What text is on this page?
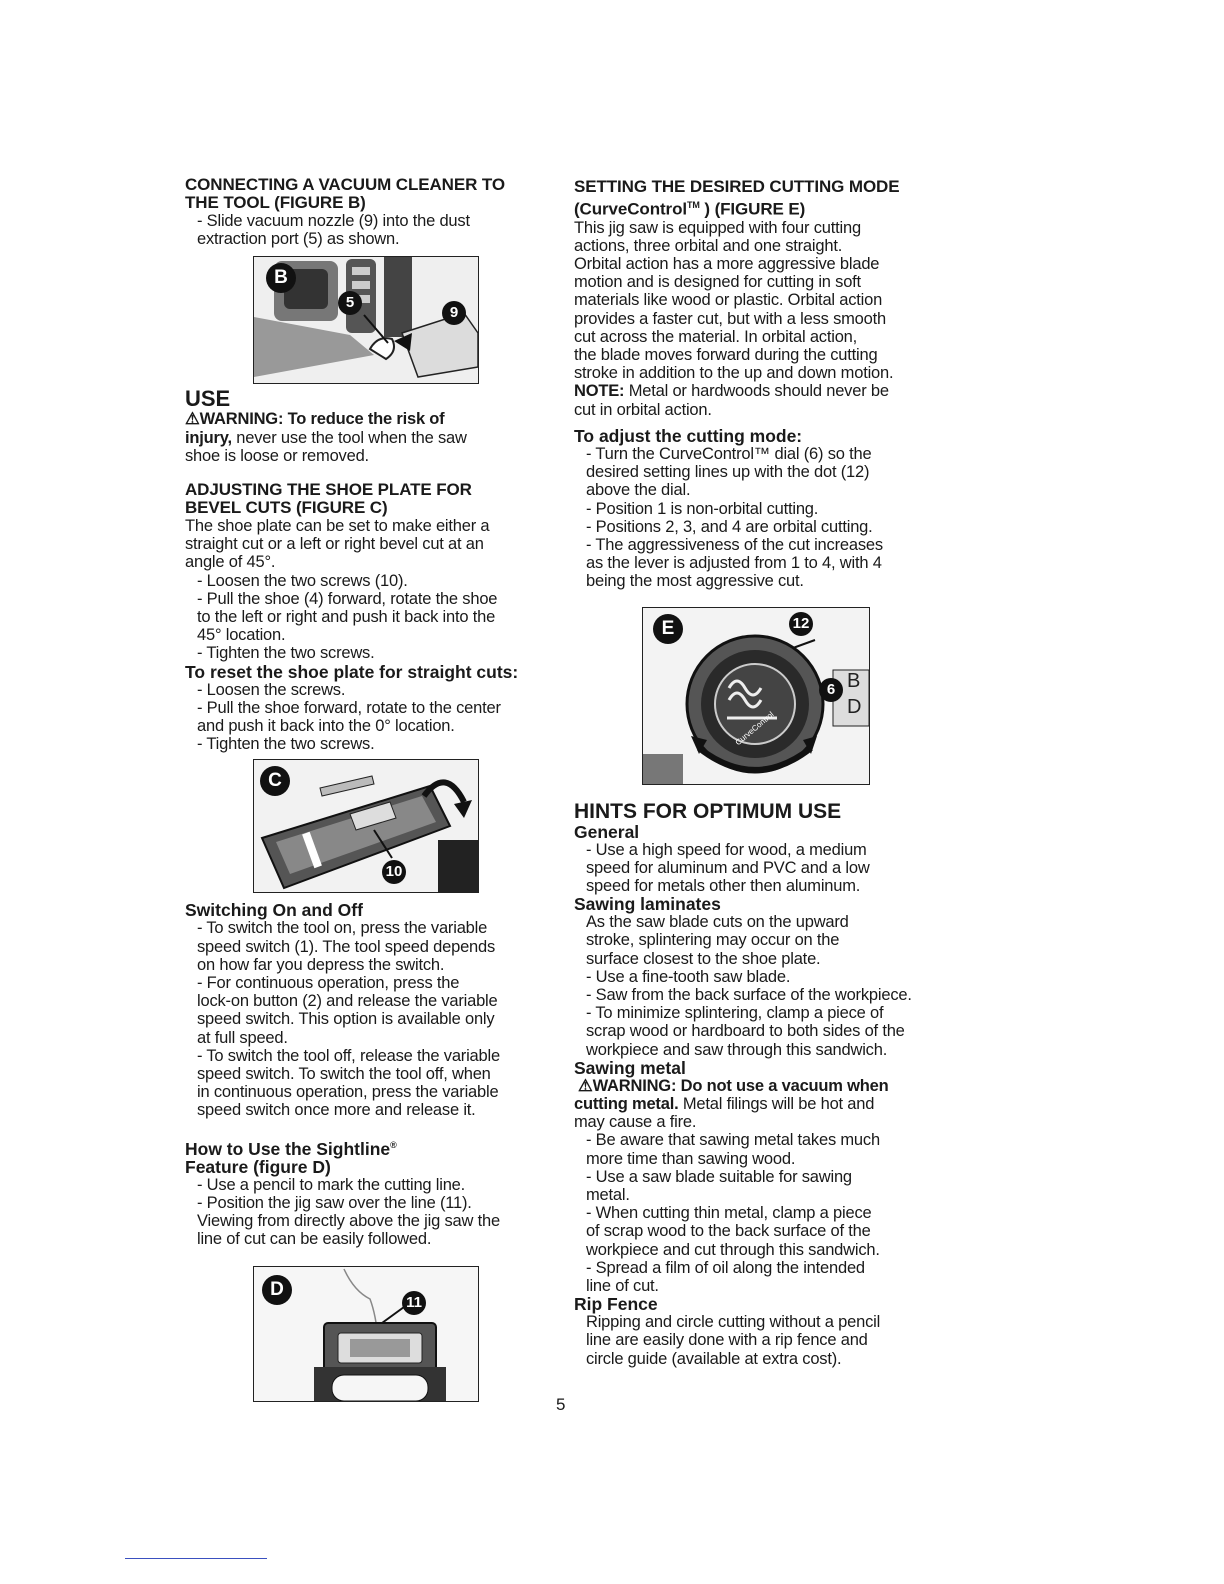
CONNECTING A VACUUM CLEANER TO

THE TOOL (FIGURE B)

- Slide vacuum nozzle (9) into the dust

extraction port (5) as shown.

B
5
9

USE

⚠WARNING: To reduce the risk of

injury, never use the tool when the saw

shoe is loose or removed.

ADJUSTING THE SHOE PLATE FOR

BEVEL CUTS (FIGURE C)

The shoe plate can be set to make either a

straight cut or a left or right bevel cut at an

angle of 45°.

- Loosen the two screws (10).

- Pull the shoe (4) forward, rotate the shoe

to the left or right and push it back into the

45° location.

- Tighten the two screws.

To reset the shoe plate for straight cuts:

- Loosen the screws.

- Pull the shoe forward, rotate to the center

and push it back into the 0° location.

- Tighten the two screws.

C
10

Switching On and Off

- To switch the tool on, press the variable

speed switch (1). The tool speed depends

on how far you depress the switch.

- For continuous operation, press the

lock-on button (2) and release the variable

speed switch. This option is available only

at full speed.

- To switch the tool off, release the variable

speed switch. To switch the tool off, when

in continuous operation, press the variable

speed switch once more and release it.

How to Use the Sightline®

Feature (figure D)

- Use a pencil to mark the cutting line.

- Position the jig saw over the line (11).

Viewing from directly above the jig saw the

line of cut can be easily followed.

D
11

SETTING THE DESIRED CUTTING MODE

(CurveControl™ ) (FIGURE E)

This jig saw is equipped with four cutting

actions, three orbital and one straight.

Orbital action has a more aggressive blade

motion and is designed for cutting in soft

materials like wood or plastic. Orbital action

provides a faster cut, but with a less smooth

cut across the material. In orbital action,

the blade moves forward during the cutting

stroke in addition to the up and down motion.

NOTE: Metal or hardwoods should never be

cut in orbital action.

To adjust the cutting mode:

- Turn the CurveControl™ dial (6) so the

desired setting lines up with the dot (12)

above the dial.

- Position 1 is non-orbital cutting.

- Positions 2, 3, and 4 are orbital cutting.

- The aggressiveness of the cut increases

as the lever is adjusted from 1 to 4, with 4

being the most aggressive cut.

E	12
6 B
D
CurveControl

HINTS FOR OPTIMUM USE

General

- Use a high speed for wood, a medium

speed for aluminum and PVC and a low

speed for metals other then aluminum.

Sawing laminates

As the saw blade cuts on the upward

stroke, splintering may occur on the

surface closest to the shoe plate.

- Use a fine-tooth saw blade.

- Saw from the back surface of the workpiece.

- To minimize splintering, clamp a piece of

scrap wood or hardboard to both sides of the

workpiece and saw through this sandwich.

Sawing metal

⚠WARNING: Do not use a vacuum when

cutting metal. Metal filings will be hot and

may cause a fire.

- Be aware that sawing metal takes much

more time than sawing wood.

- Use a saw blade suitable for sawing

metal.

- When cutting thin metal, clamp a piece

of scrap wood to the back surface of the

workpiece and cut through this sandwich.

- Spread a film of oil along the intended

line of cut.

Rip Fence

Ripping and circle cutting without a pencil

line are easily done with a rip fence and

circle guide (available at extra cost).

5
